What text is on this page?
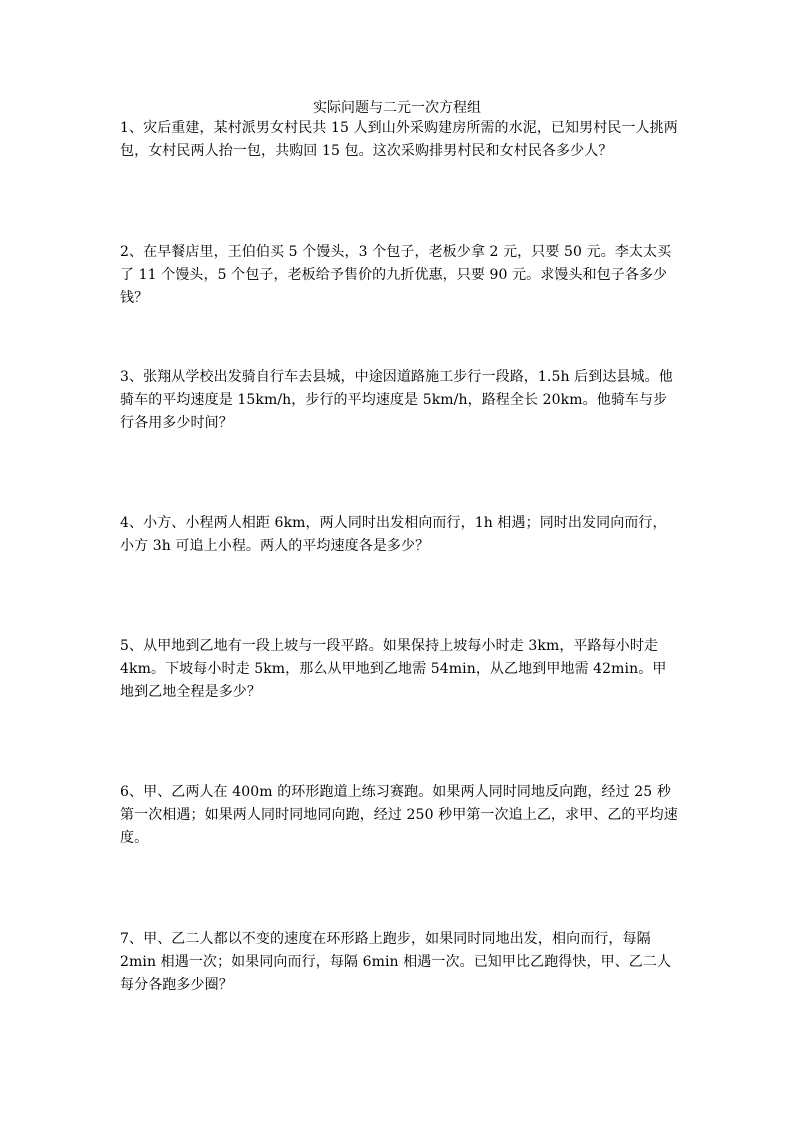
实际问题与二元一次方程组

1、灾后重建，某村派男女村民共 15 人到山外采购建房所需的水泥，已知男村民一人挑两包，女村民两人抬一包，共购回 15 包。这次采购排男村民和女村民各多少人？

2、在早餐店里，王伯伯买 5 个馒头，3 个包子，老板少拿 2 元，只要 50 元。李太太买了 11 个馒头，5 个包子，老板给予售价的九折优惠，只要 90 元。求馒头和包子各多少钱？

3、张翔从学校出发骑自行车去县城，中途因道路施工步行一段路，1.5h 后到达县城。他骑车的平均速度是 15km/h，步行的平均速度是 5km/h，路程全长 20km。他骑车与步行各用多少时间？

4、小方、小程两人相距 6km，两人同时出发相向而行，1h 相遇；同时出发同向而行，小方 3h 可追上小程。两人的平均速度各是多少？

5、从甲地到乙地有一段上坡与一段平路。如果保持上坡每小时走 3km，平路每小时走 4km。下坡每小时走 5km，那么从甲地到乙地需 54min，从乙地到甲地需 42min。甲地到乙地全程是多少？

6、甲、乙两人在 400m 的环形跑道上练习赛跑。如果两人同时同地反向跑，经过 25 秒第一次相遇；如果两人同时同地同向跑，经过 250 秒甲第一次追上乙，求甲、乙的平均速度。

7、甲、乙二人都以不变的速度在环形路上跑步，如果同时同地出发，相向而行，每隔 2min 相遇一次；如果同向而行，每隔 6min 相遇一次。已知甲比乙跑得快，甲、乙二人每分各跑多少圈？
